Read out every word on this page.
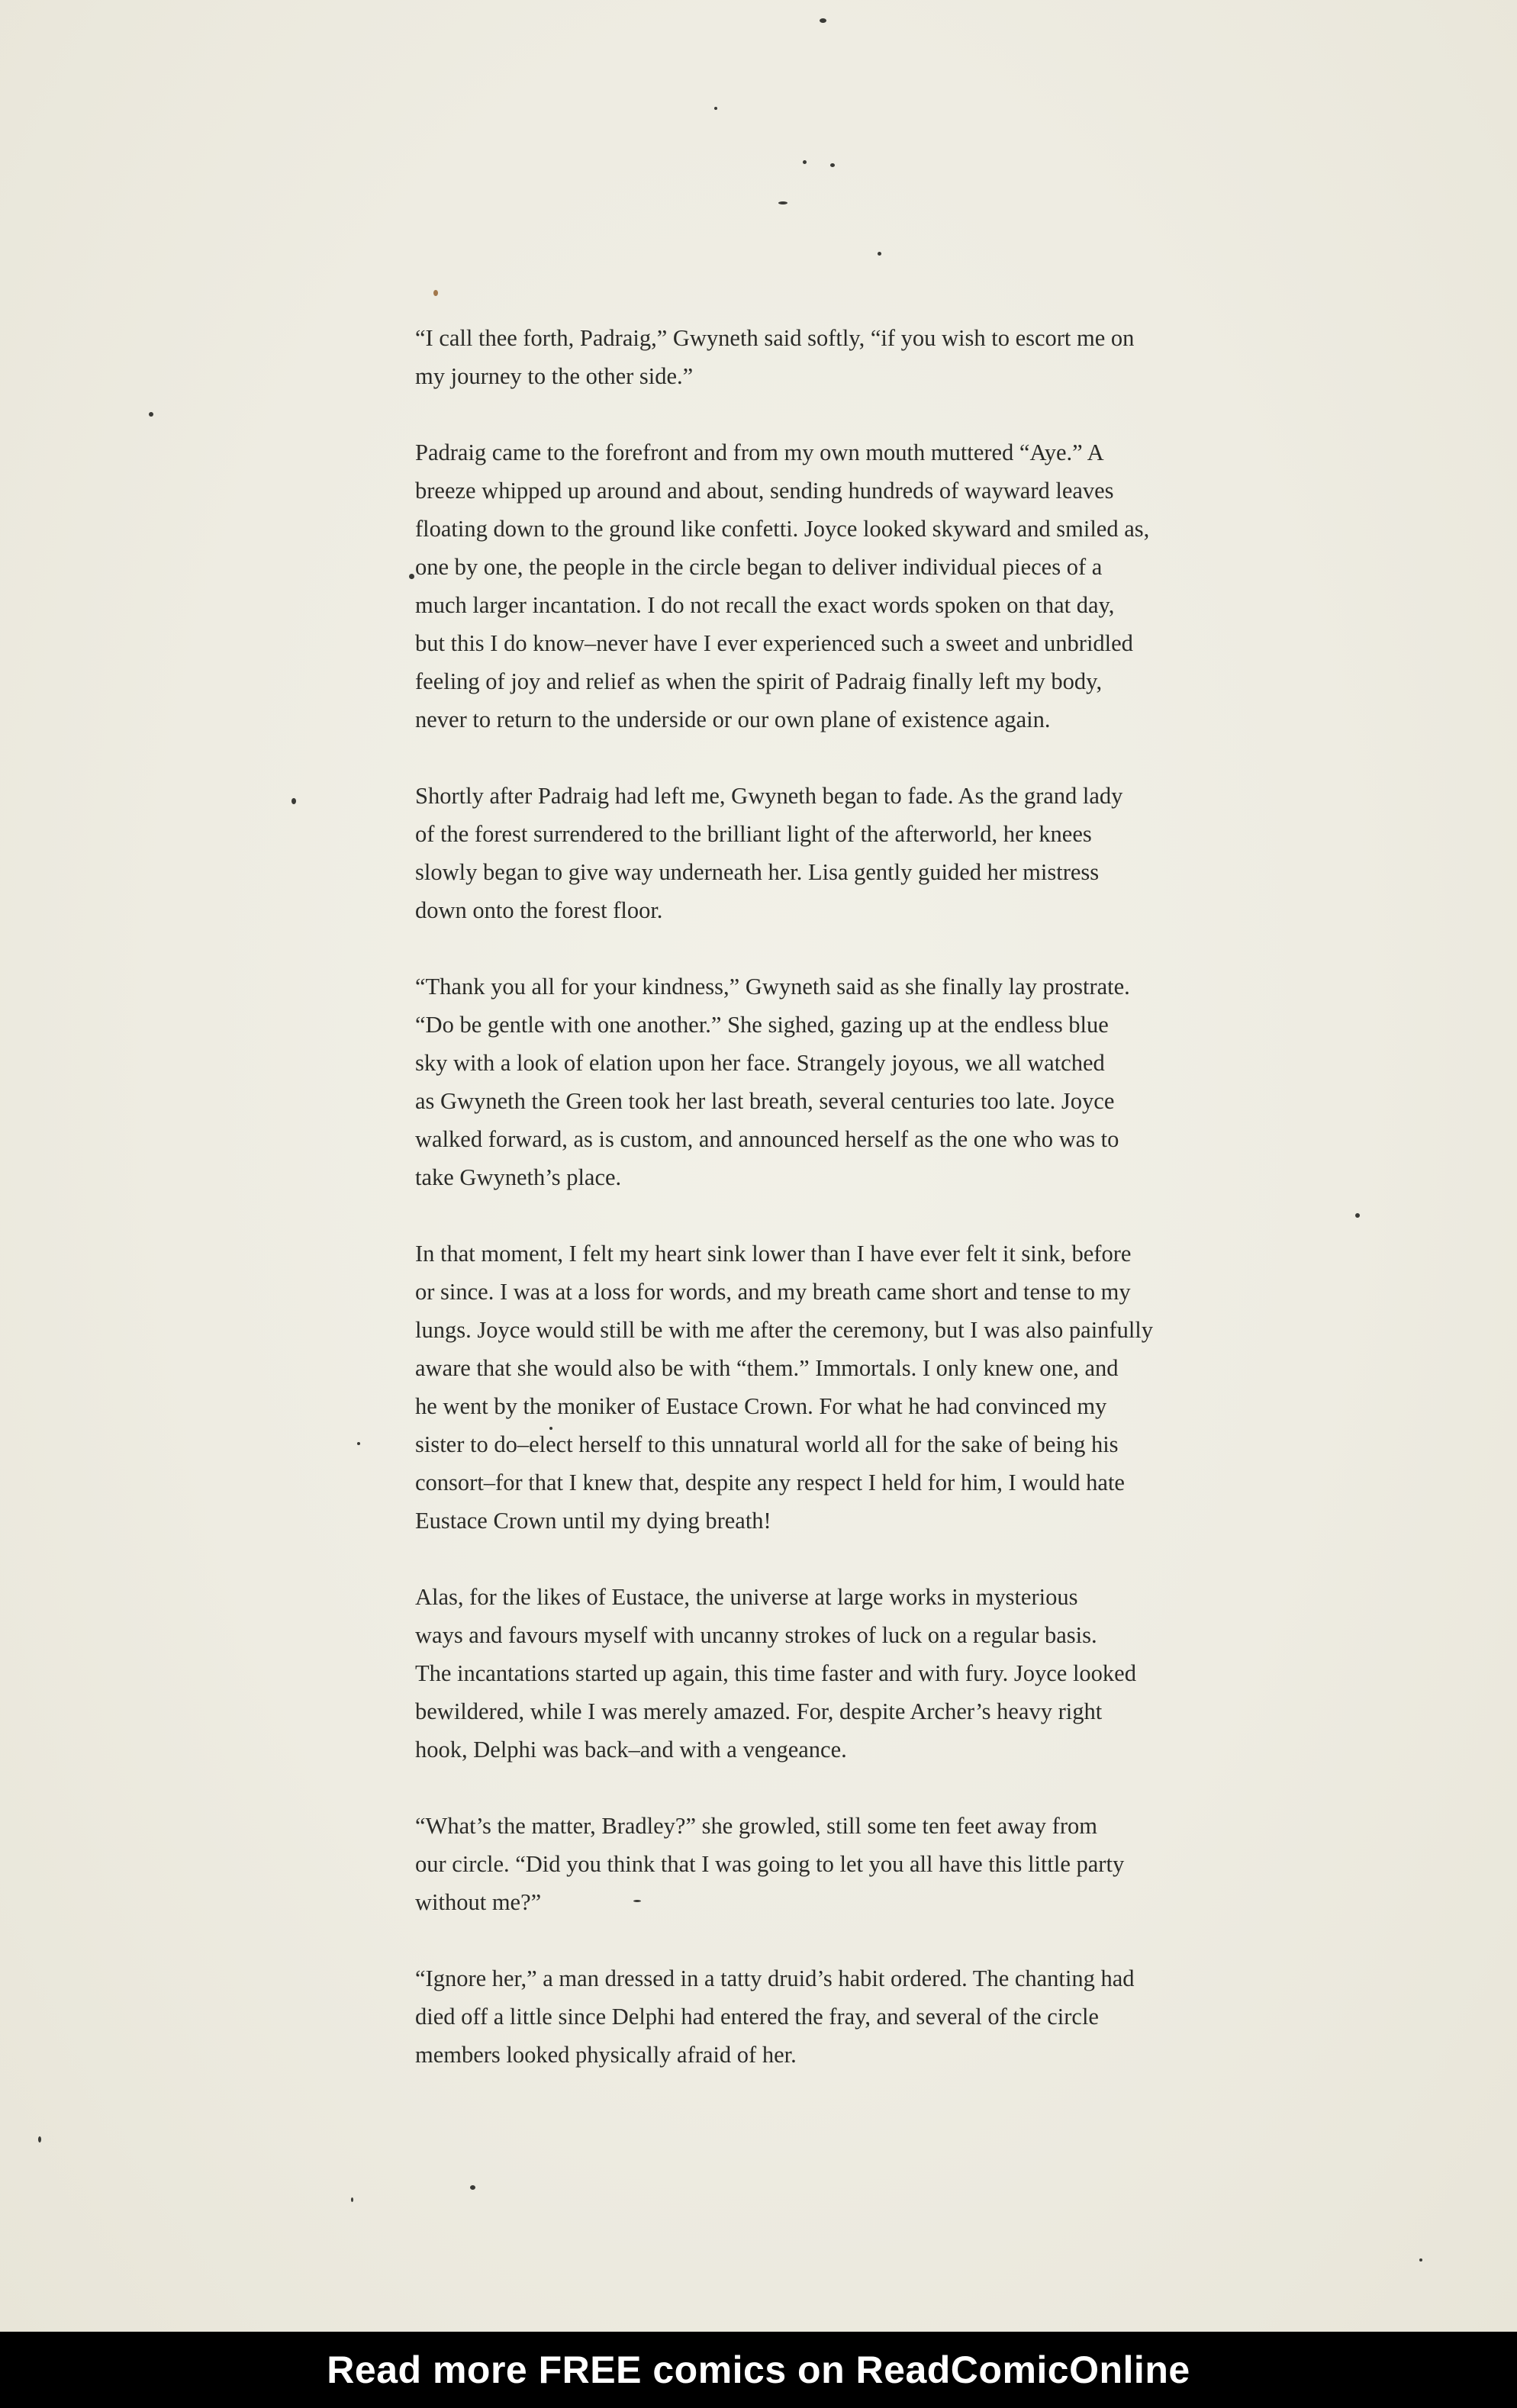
“I call thee forth, Padraig,” Gwyneth said softly, “if you wish to escort me on
my journey to the other side.”

Padraig came to the forefront and from my own mouth muttered “Aye.” A
breeze whipped up around and about, sending hundreds of wayward leaves
floating down to the ground like confetti. Joyce looked skyward and smiled as,
one by one, the people in the circle began to deliver individual pieces of a
much larger incantation. I do not recall the exact words spoken on that day,
but this I do know–never have I ever experienced such a sweet and unbridled
feeling of joy and relief as when the spirit of Padraig finally left my body,
never to return to the underside or our own plane of existence again.

Shortly after Padraig had left me, Gwyneth began to fade. As the grand lady
of the forest surrendered to the brilliant light of the afterworld, her knees
slowly began to give way underneath her. Lisa gently guided her mistress
down onto the forest floor.

“Thank you all for your kindness,” Gwyneth said as she finally lay prostrate.
“Do be gentle with one another.” She sighed, gazing up at the endless blue
sky with a look of elation upon her face. Strangely joyous, we all watched
as Gwyneth the Green took her last breath, several centuries too late. Joyce
walked forward, as is custom, and announced herself as the one who was to
take Gwyneth’s place.

In that moment, I felt my heart sink lower than I have ever felt it sink, before
or since. I was at a loss for words, and my breath came short and tense to my
lungs. Joyce would still be with me after the ceremony, but I was also painfully
aware that she would also be with “them.” Immortals. I only knew one, and
he went by the moniker of Eustace Crown. For what he had convinced my
sister to do–elect herself to this unnatural world all for the sake of being his
consort–for that I knew that, despite any respect I held for him, I would hate
Eustace Crown until my dying breath!

Alas, for the likes of Eustace, the universe at large works in mysterious
ways and favours myself with uncanny strokes of luck on a regular basis.
The incantations started up again, this time faster and with fury. Joyce looked
bewildered, while I was merely amazed. For, despite Archer’s heavy right
hook, Delphi was back–and with a vengeance.

“What’s the matter, Bradley?” she growled, still some ten feet away from
our circle. “Did you think that I was going to let you all have this little party
without me?”

“Ignore her,” a man dressed in a tatty druid’s habit ordered. The chanting had
died off a little since Delphi had entered the fray, and several of the circle
members looked physically afraid of her.

Read more FREE comics on ReadComicOnline
